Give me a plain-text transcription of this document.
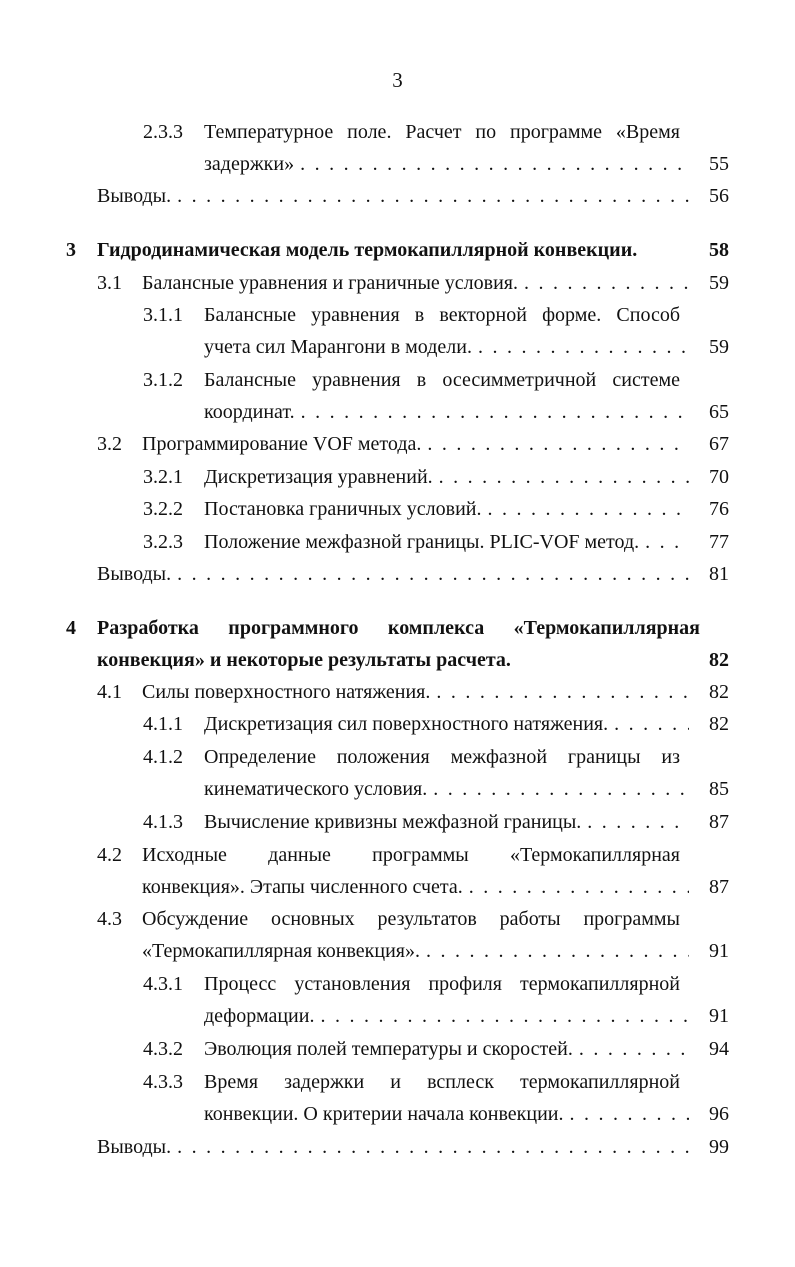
3
2.3.3 Температурное поле. Расчет по программе «Время
задержки» . . .	55
Выводы. . . .	56
3 Гидродинамическая модель термокапиллярной конвекции.	58
3.1 Балансные уравнения и граничные условия. . . .	59
3.1.1 Балансные уравнения в векторной форме. Способ
учета сил Марангони в модели. . . .	59
3.1.2 Балансные уравнения в осесимметричной системе
координат. . . .	65
3.2 Программирование VOF метода. . . .	67
3.2.1 Дискретизация уравнений. . . .	70
3.2.2 Постановка граничных условий. . . .	76
3.2.3 Положение межфазной границы. PLIC-VOF метод. . . .	77
Выводы. . . .	81
4 Разработка программного комплекса «Термокапиллярная
конвекция» и некоторые результаты расчета.	82
4.1 Силы поверхностного натяжения. . . .	82
4.1.1 Дискретизация сил поверхностного натяжения. . . .	82
4.1.2 Определение положения межфазной границы из
кинематического условия. . . .	85
4.1.3 Вычисление кривизны межфазной границы. . . .	87
4.2 Исходные данные программы «Термокапиллярная
конвекция». Этапы численного счета. . . .	87
4.3 Обсуждение основных результатов работы программы
«Термокапиллярная конвекция». . . .	91
4.3.1 Процесс установления профиля термокапиллярной
деформации. . . .	91
4.3.2 Эволюция полей температуры и скоростей. . . .	94
4.3.3 Время задержки и всплеск термокапиллярной
конвекции. О критерии начала конвекции. . . .	96
Выводы. . . .	99
